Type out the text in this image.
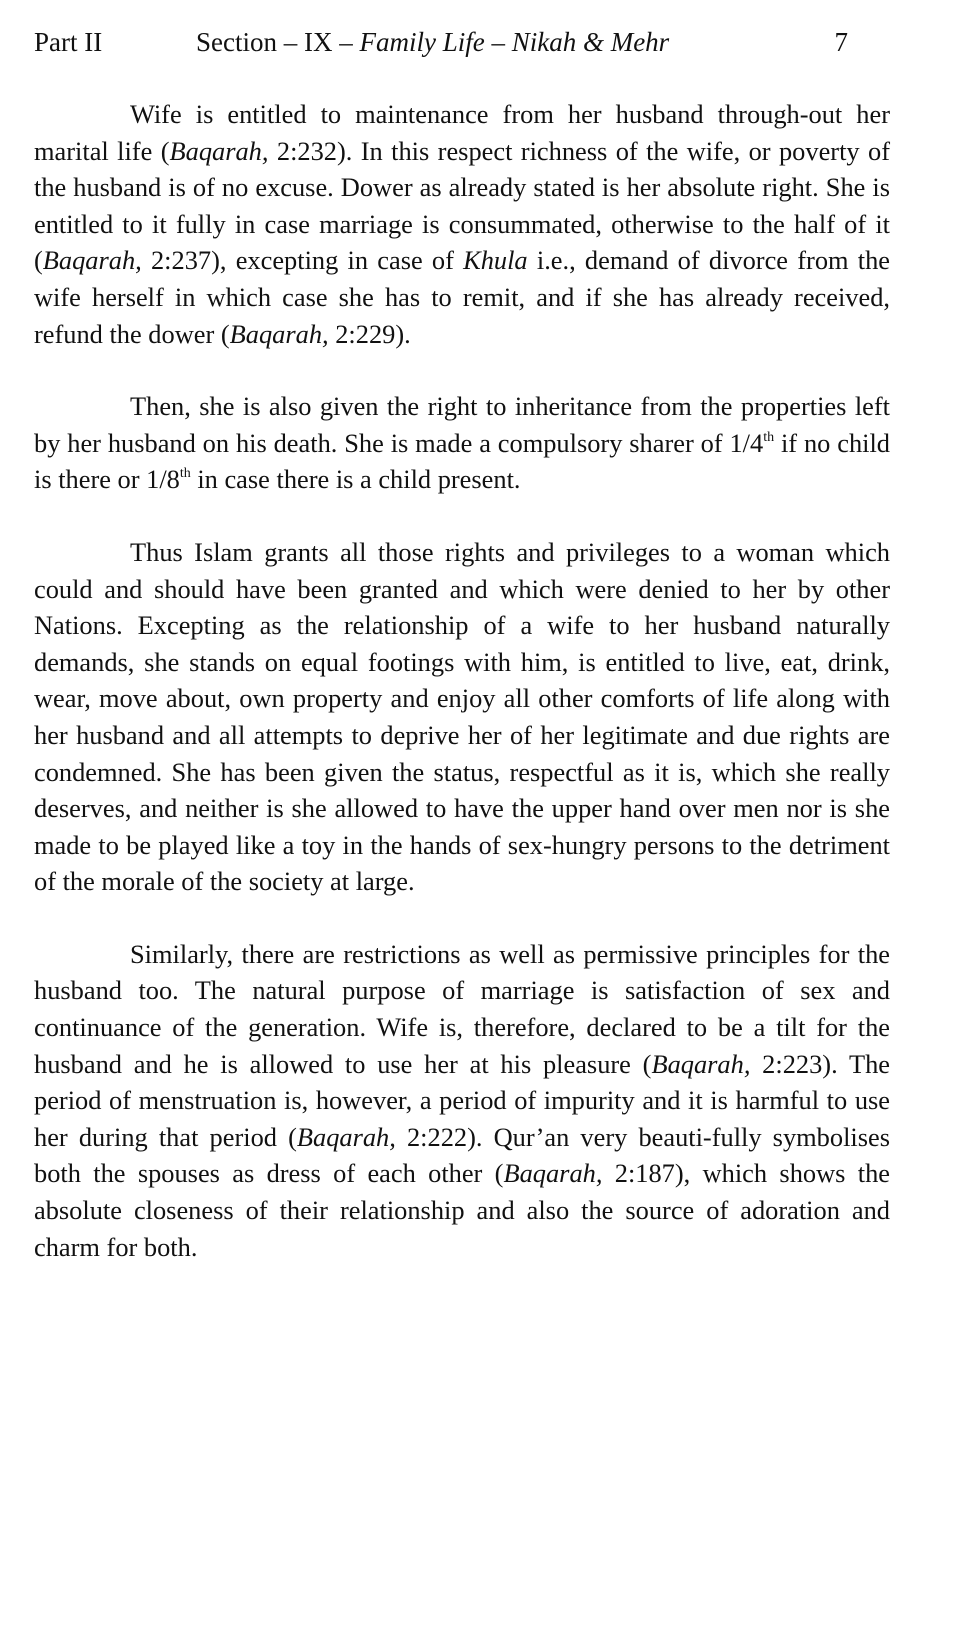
Part II	Section – IX – Family Life – Nikah & Mehr	7

Wife is entitled to maintenance from her husband through-out her marital life (Baqarah, 2:232). In this respect richness of the wife, or poverty of the husband is of no excuse. Dower as already stated is her absolute right. She is entitled to it fully in case marriage is consummated, otherwise to the half of it (Baqarah, 2:237), excepting in case of Khula i.e., demand of divorce from the wife herself in which case she has to remit, and if she has already received, refund the dower (Baqarah, 2:229).

Then, she is also given the right to inheritance from the properties left by her husband on his death. She is made a compulsory sharer of 1/4th if no child is there or 1/8th in case there is a child present.

Thus Islam grants all those rights and privileges to a woman which could and should have been granted and which were denied to her by other Nations. Excepting as the relationship of a wife to her husband naturally demands, she stands on equal footings with him, is entitled to live, eat, drink, wear, move about, own property and enjoy all other comforts of life along with her husband and all attempts to deprive her of her legitimate and due rights are condemned. She has been given the status, respectful as it is, which she really deserves, and neither is she allowed to have the upper hand over men nor is she made to be played like a toy in the hands of sex-hungry persons to the detriment of the morale of the society at large.

Similarly, there are restrictions as well as permissive principles for the husband too. The natural purpose of marriage is satisfaction of sex and continuance of the generation. Wife is, therefore, declared to be a tilt for the husband and he is allowed to use her at his pleasure (Baqarah, 2:223). The period of menstruation is, however, a period of impurity and it is harmful to use her during that period (Baqarah, 2:222). Qur’an very beauti-fully symbolises both the spouses as dress of each other (Baqarah, 2:187), which shows the absolute closeness of their relationship and also the source of adoration and charm for both.
